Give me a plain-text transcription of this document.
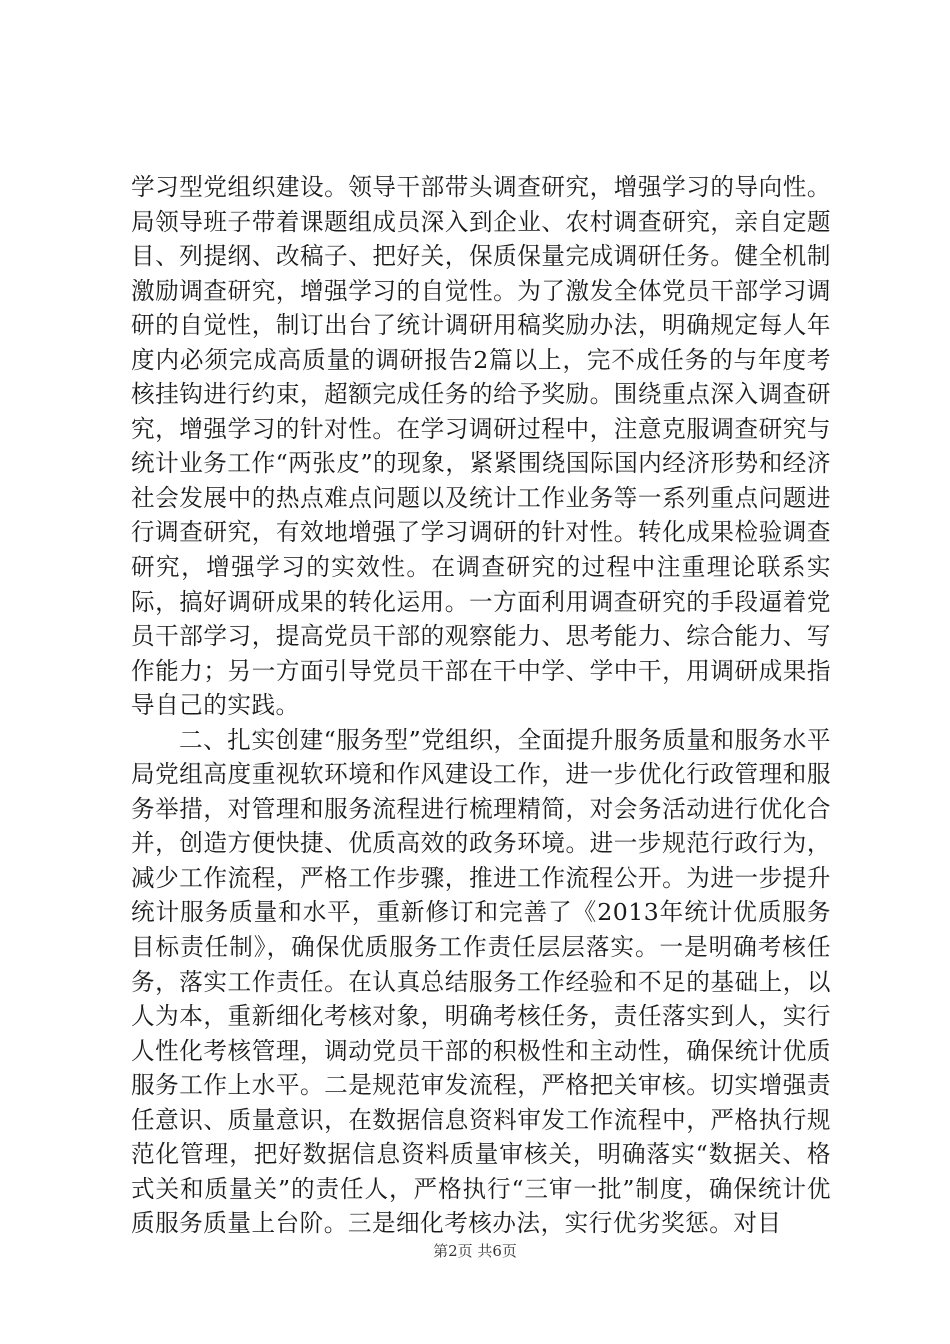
学习型党组织建设。领导干部带头调查研究，增强学习的导向性。局领导班子带着课题组成员深入到企业、农村调查研究，亲自定题目、列提纲、改稿子、把好关，保质保量完成调研任务。健全机制激励调查研究，增强学习的自觉性。为了激发全体党员干部学习调研的自觉性，制订出台了统计调研用稿奖励办法，明确规定每人年度内必须完成高质量的调研报告2篇以上，完不成任务的与年度考核挂钩进行约束，超额完成任务的给予奖励。围绕重点深入调查研究，增强学习的针对性。在学习调研过程中，注意克服调查研究与统计业务工作“两张皮”的现象，紧紧围绕国际国内经济形势和经济社会发展中的热点难点问题以及统计工作业务等一系列重点问题进行调查研究，有效地增强了学习调研的针对性。转化成果检验调查研究，增强学习的实效性。在调查研究的过程中注重理论联系实际，搞好调研成果的转化运用。一方面利用调查研究的手段逼着党员干部学习，提高党员干部的观察能力、思考能力、综合能力、写作能力；另一方面引导党员干部在干中学、学中干，用调研成果指导自己的实践。

二、扎实创建“服务型”党组织，全面提升服务质量和服务水平局党组高度重视软环境和作风建设工作，进一步优化行政管理和服务举措，对管理和服务流程进行梳理精简，对会务活动进行优化合并，创造方便快捷、优质高效的政务环境。进一步规范行政行为，减少工作流程，严格工作步骤，推进工作流程公开。为进一步提升统计服务质量和水平，重新修订和完善了《2013年统计优质服务目标责任制》，确保优质服务工作责任层层落实。一是明确考核任务，落实工作责任。在认真总结服务工作经验和不足的基础上，以人为本，重新细化考核对象，明确考核任务，责任落实到人，实行人性化考核管理，调动党员干部的积极性和主动性，确保统计优质服务工作上水平。二是规范审发流程，严格把关审核。切实增强责任意识、质量意识，在数据信息资料审发工作流程中，严格执行规范化管理，把好数据信息资料质量审核关，明确落实“数据关、格式关和质量关”的责任人，严格执行“三审一批”制度，确保统计优质服务质量上台阶。三是细化考核办法，实行优劣奖惩。对目

第2页 共6页
